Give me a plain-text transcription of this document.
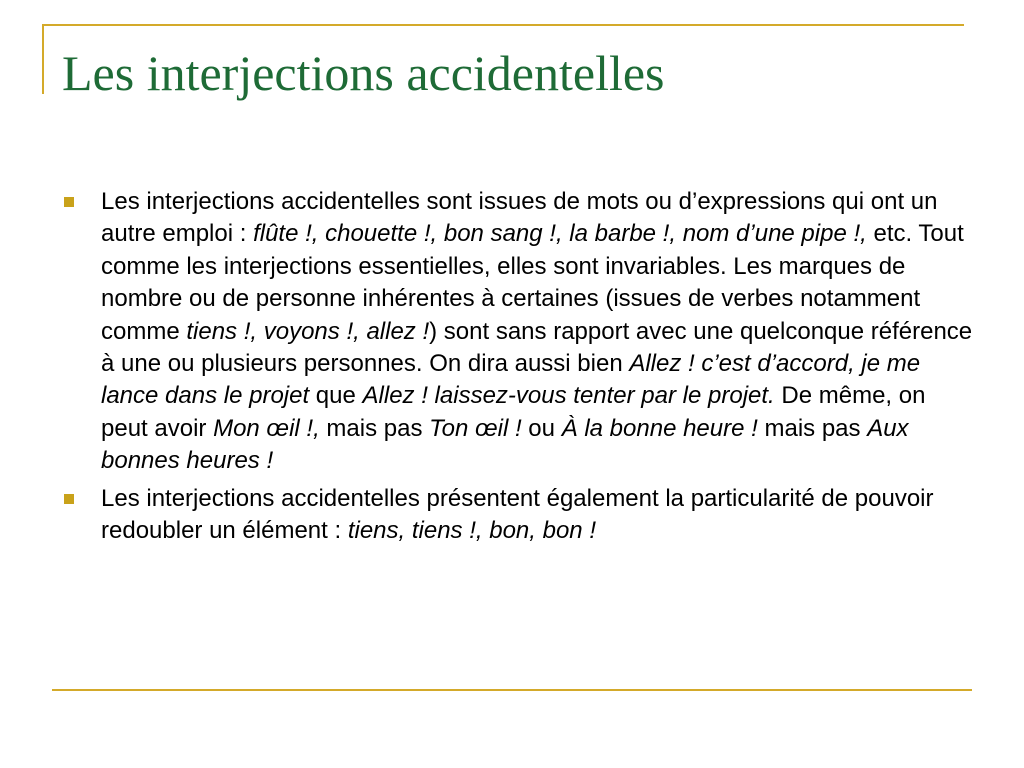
Les interjections accidentelles
Les interjections accidentelles sont issues de mots ou d’expressions qui ont un autre emploi : flûte !, chouette !, bon sang !, la barbe !, nom d’une pipe !, etc. Tout comme les interjections essentielles, elles sont invariables. Les marques de nombre ou de personne inhérentes à certaines (issues de verbes notamment comme tiens !, voyons !, allez !) sont sans rapport avec une quelconque référence à une ou plusieurs personnes. On dira aussi bien Allez ! c’est d’accord, je me lance dans le projet que Allez ! laissez-vous tenter par le projet. De même, on peut avoir Mon œil !, mais pas Ton œil ! ou À la bonne heure ! mais pas Aux bonnes heures !
Les interjections accidentelles présentent également la particularité de pouvoir redoubler un élément : tiens, tiens !, bon, bon !
